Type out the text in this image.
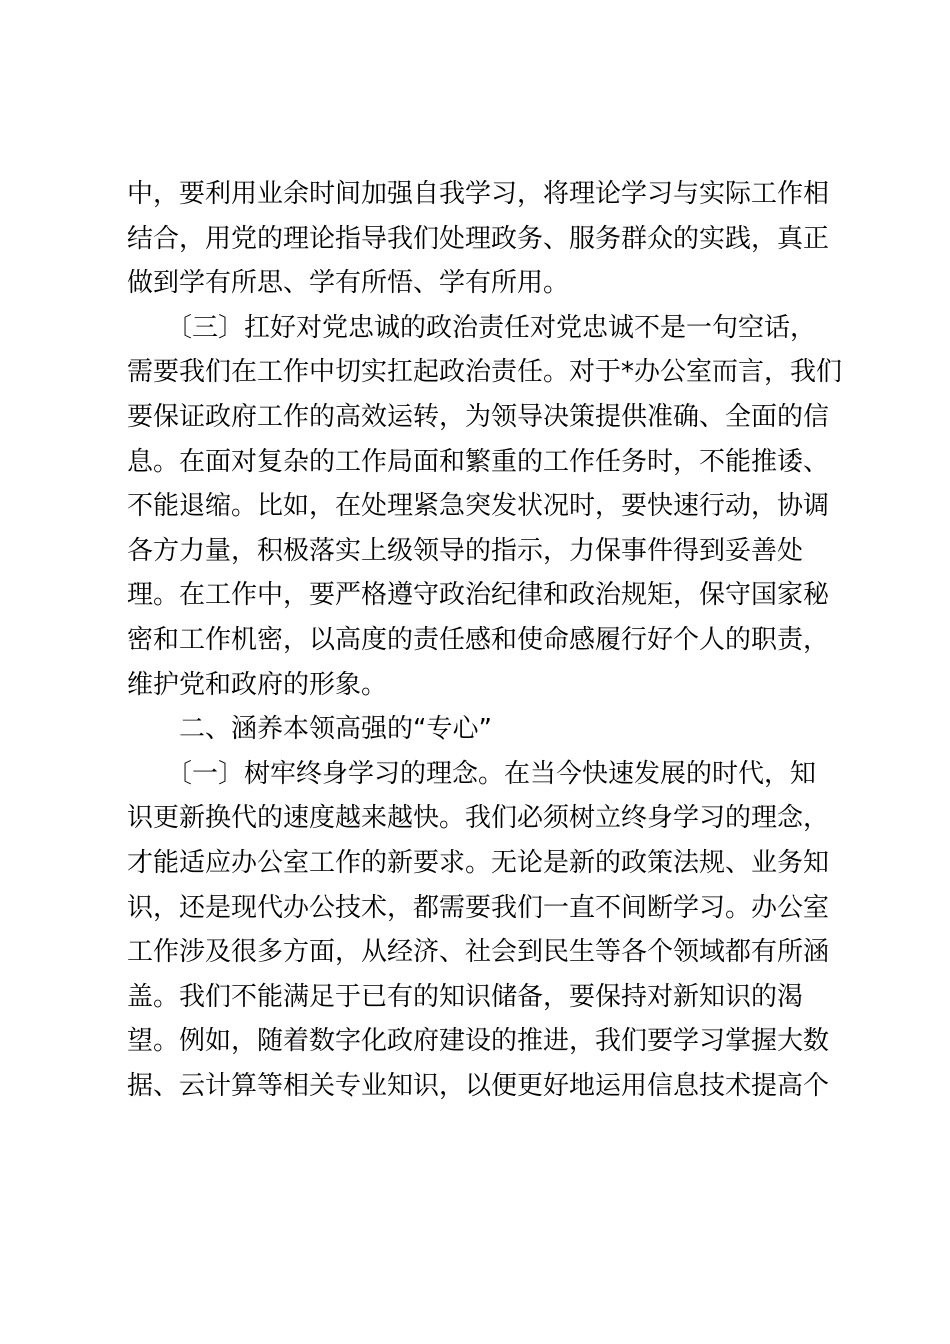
中，要利用业余时间加强自我学习，将理论学习与实际工作相
结合，用党的理论指导我们处理政务、服务群众的实践，真正
做到学有所思、学有所悟、学有所用。
　　〔三〕扛好对党忠诚的政治责任对党忠诚不是一句空话，
需要我们在工作中切实扛起政治责任。对于*办公室而言，我们
要保证政府工作的高效运转，为领导决策提供准确、全面的信
息。在面对复杂的工作局面和繁重的工作任务时，不能推诿、
不能退缩。比如，在处理紧急突发状况时，要快速行动，协调
各方力量，积极落实上级领导的指示，力保事件得到妥善处
理。在工作中，要严格遵守政治纪律和政治规矩，保守国家秘
密和工作机密，以高度的责任感和使命感履行好个人的职责，
维护党和政府的形象。
　　二、涵养本领高强的“专心”
　　〔一〕树牢终身学习的理念。在当今快速发展的时代，知
识更新换代的速度越来越快。我们必须树立终身学习的理念，
才能适应办公室工作的新要求。无论是新的政策法规、业务知
识，还是现代办公技术，都需要我们一直不间断学习。办公室
工作涉及很多方面，从经济、社会到民生等各个领域都有所涵
盖。我们不能满足于已有的知识储备，要保持对新知识的渴
望。例如，随着数字化政府建设的推进，我们要学习掌握大数
据、云计算等相关专业知识，以便更好地运用信息技术提高个
